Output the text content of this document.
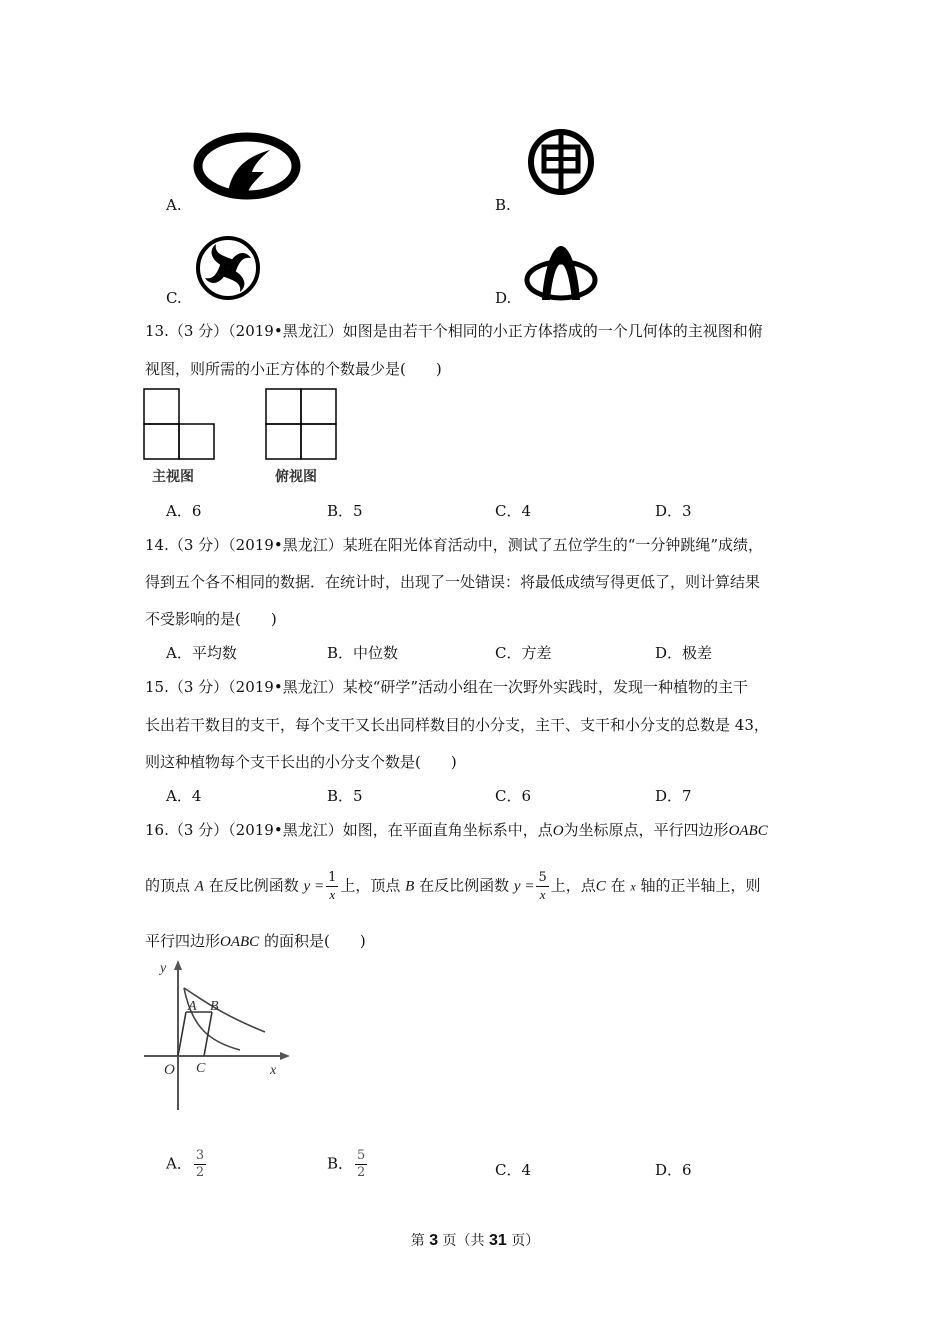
A.	B.
C.	D.
13.（3 分）（2019•黑龙江）如图是由若干个相同的小正方体搭成的一个几何体的主视图和俯
视图，则所需的小正方体的个数最少是(　　)
主视图	俯视图
A．6	B．5	C．4	D．3
14.（3 分）（2019•黑龙江）某班在阳光体育活动中，测试了五位学生的“一分钟跳绳”成绩，
得到五个各不相同的数据．在统计时，出现了一处错误：将最低成绩写得更低了，则计算结果
不受影响的是(　　)
A．平均数	B．中位数	C．方差	D．极差
15.（3 分）（2019•黑龙江）某校“研学”活动小组在一次野外实践时，发现一种植物的主干
长出若干数目的支干，每个支干又长出同样数目的小分支，主干、支干和小分支的总数是 43，
则这种植物每个支干长出的小分支个数是(　　)
A．4	B．5	C．6	D．7
16.（3 分）（2019•黑龙江）如图，在平面直角坐标系中，点O为坐标原点，平行四边形OABC
的顶点 A 在反比例函数 $y = \frac{1}{x}$ 上，顶点 B 在反比例函数 $y = \frac{5}{x}$ 上，点C 在 x 轴的正半轴上，则
平行四边形OABC 的面积是(　　)
y
x
O
A B
C
A． $\frac{3}{2}$	B． $\frac{5}{2}$	C．4	D．6
第 3 页（共 31 页）
